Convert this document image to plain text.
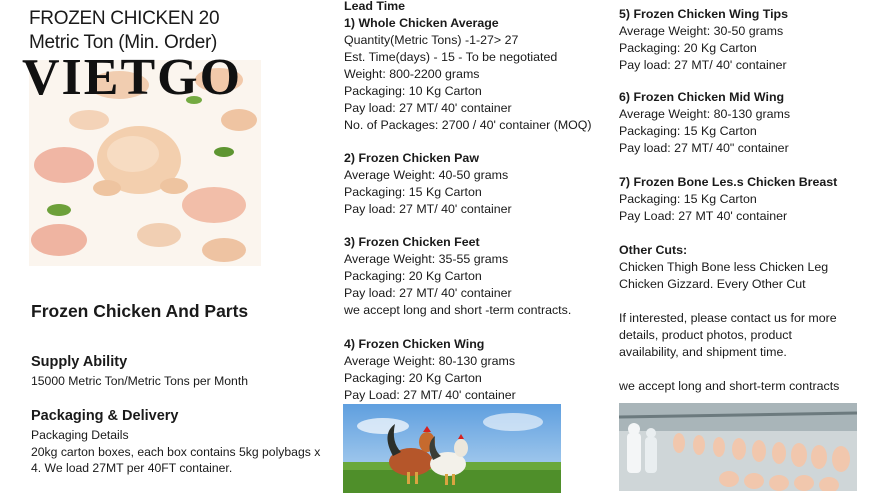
FROZEN CHICKEN 20
Metric Ton (Min. Order)
VIETGO
Frozen Chicken And Parts
Supply Ability
15000 Metric Ton/Metric Tons per Month
Packaging & Delivery
Packaging Details
20kg carton boxes, each box contains 5kg polybags x
4. We load 27MT per 40FT container.
Lead Time
1) Whole Chicken Average
Quantity(Metric Tons) -1-27> 27
Est. Time(days) - 15 - To be negotiated
Weight: 800-2200 grams
Packaging: 10 Kg Carton
Pay load: 27 MT/ 40' container
No. of Packages: 2700 / 40' container (MOQ)
2) Frozen Chicken Paw
Average Weight: 40-50 grams
Packaging: 15 Kg Carton
Pay load: 27 MT/ 40' container
3) Frozen Chicken Feet
Average Weight: 35-55 grams
Packaging: 20 Kg Carton
Pay load: 27 MT/ 40' container
we accept long and short -term contracts.
4) Frozen Chicken Wing
Average Weight: 80-130 grams
Packaging: 20 Kg Carton
Pay Load: 27 MT/ 40' container
5) Frozen Chicken Wing Tips
Average Weight: 30-50 grams
Packaging: 20 Kg Carton
Pay load: 27 MT/ 40' container
6) Frozen Chicken Mid Wing
Average Weight: 80-130 grams
Packaging: 15 Kg Carton
Pay load: 27 MT/ 40" container
7) Frozen Bone Les.s Chicken Breast
Packaging: 15 Kg Carton
Pay Load: 27 MT 40' container
Other Cuts:
Chicken Thigh Bone less Chicken Leg
Chicken Gizzard. Every Other Cut
If interested, please contact us for more
details, product photos, product
availability, and shipment time.
we accept long and short-term contracts
